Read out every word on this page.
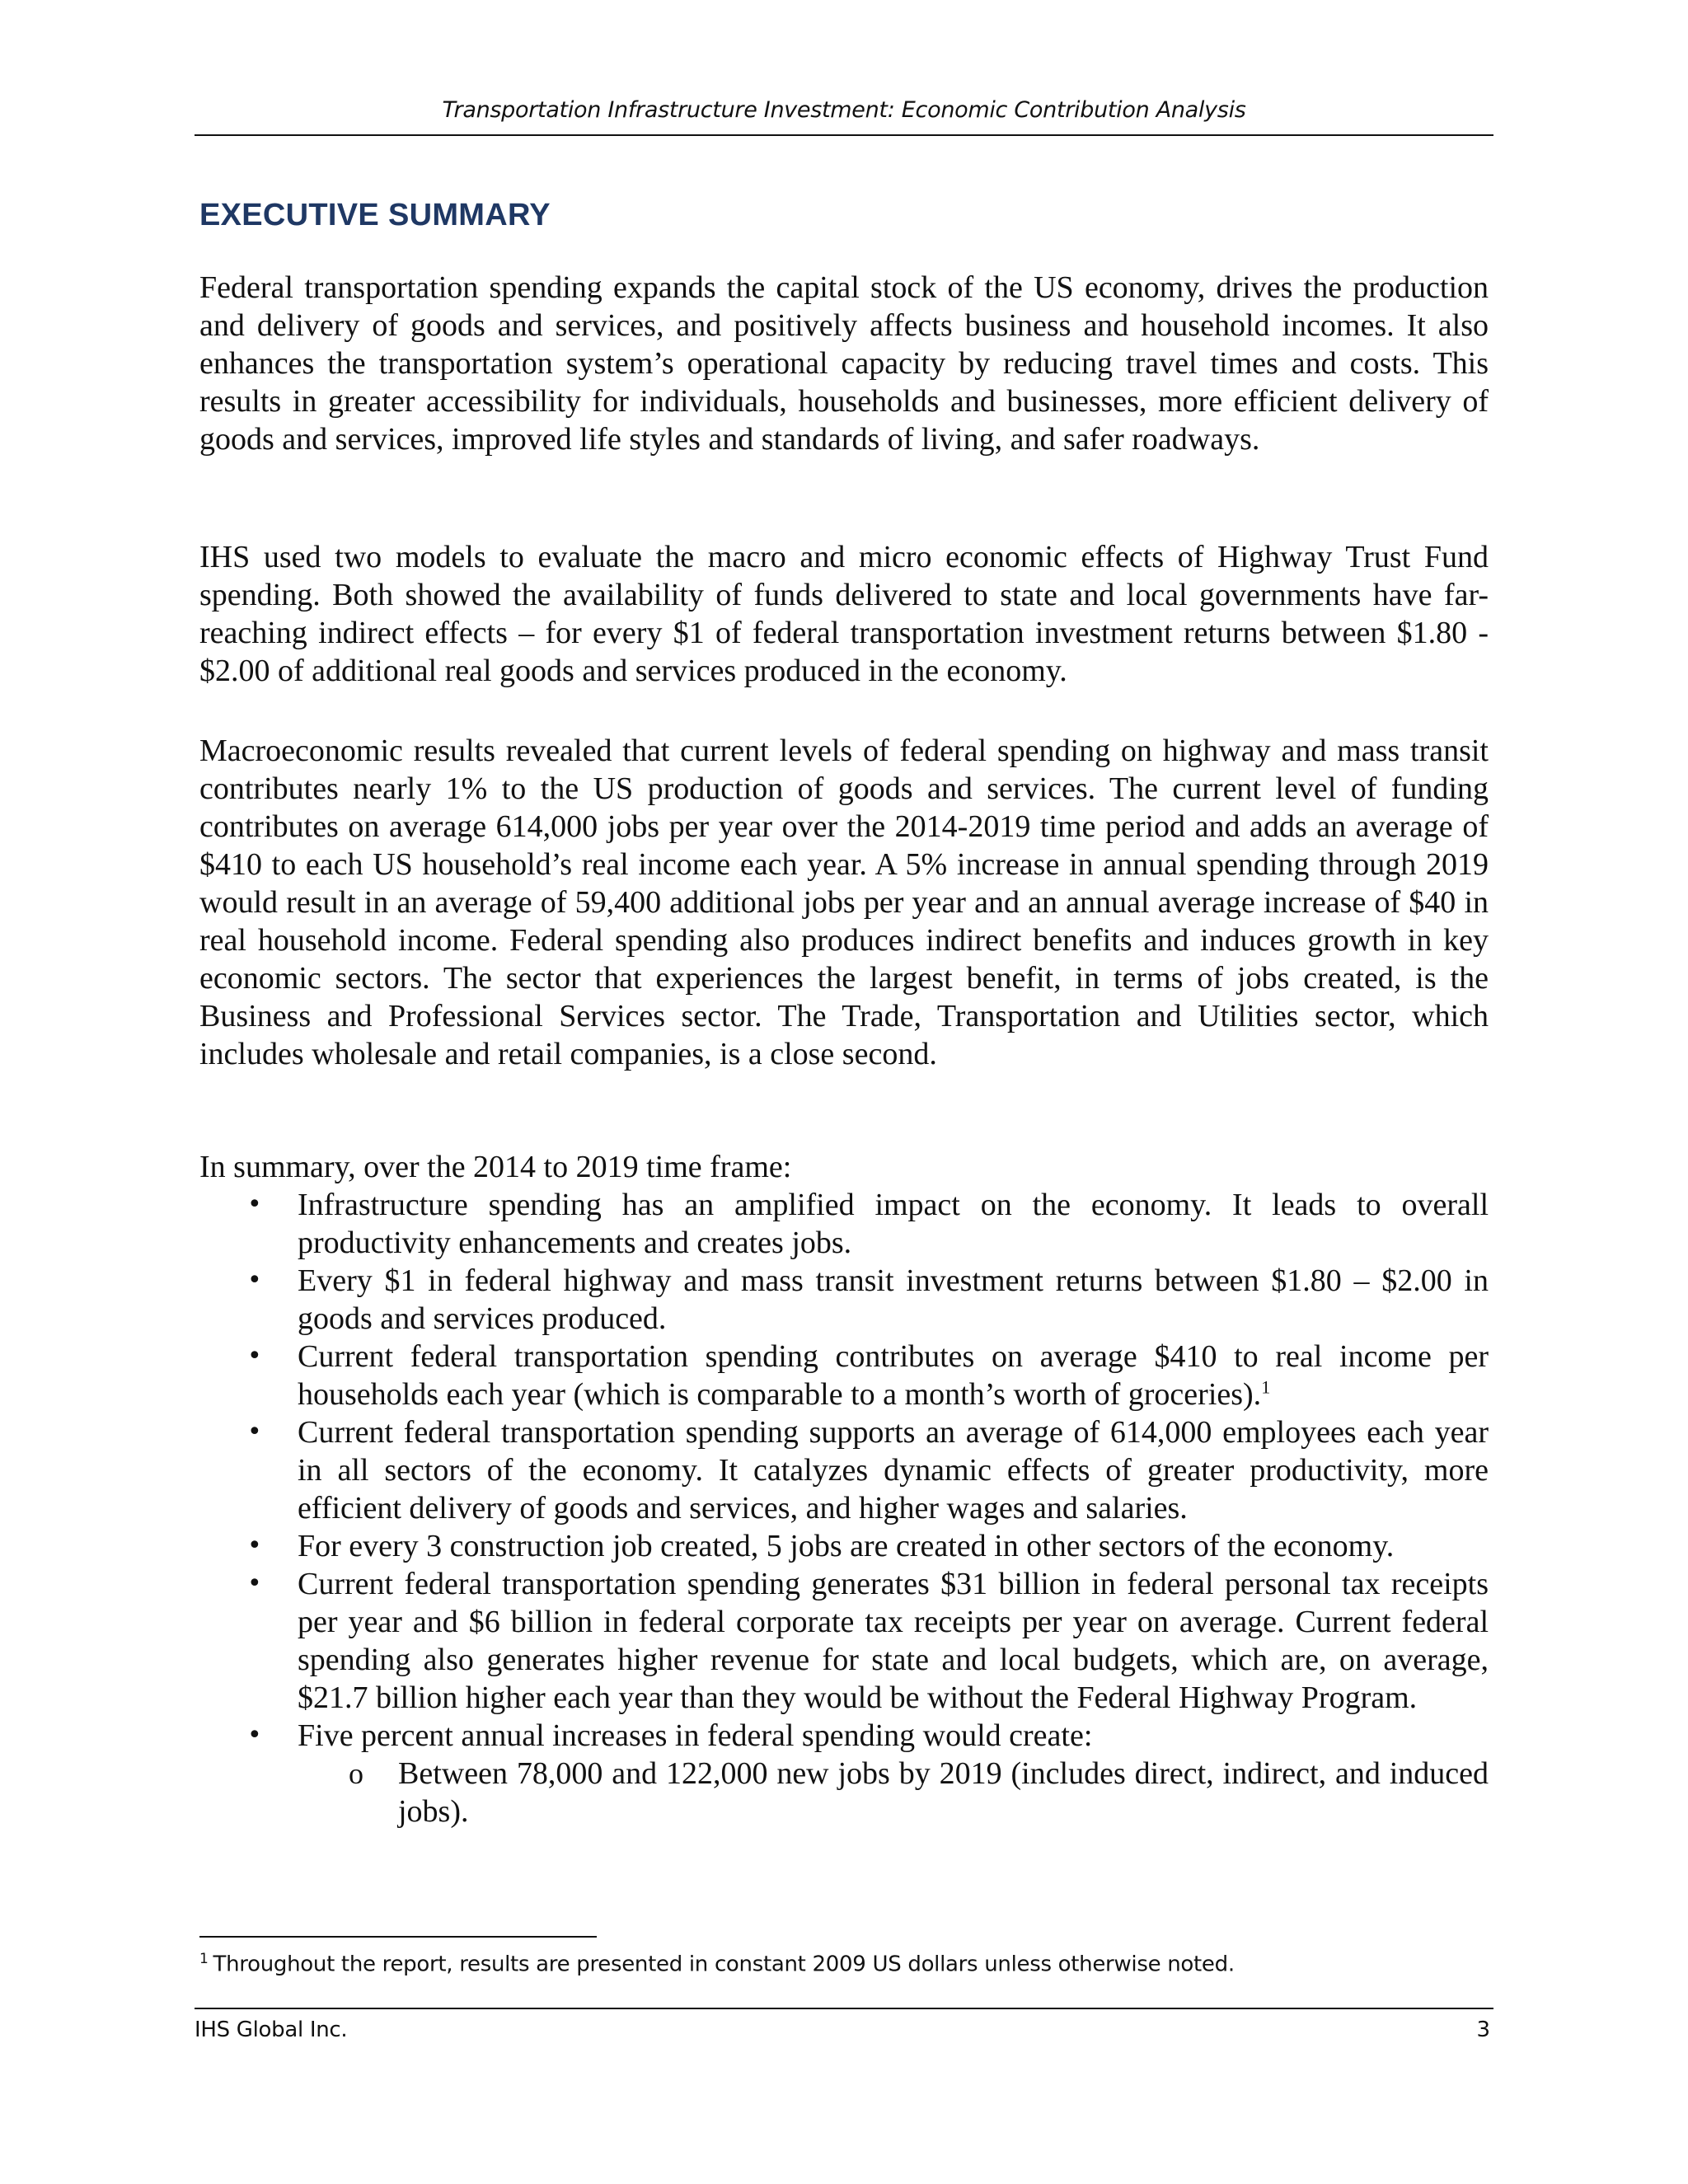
Transportation Infrastructure Investment: Economic Contribution Analysis
EXECUTIVE SUMMARY

Federal transportation spending expands the capital stock of the US economy, drives the production and delivery of goods and services, and positively affects business and household incomes. It also enhances the transportation system’s operational capacity by reducing travel times and costs. This results in greater accessibility for individuals, households and businesses, more efficient delivery of goods and services, improved life styles and standards of living, and safer roadways.

IHS used two models to evaluate the macro and micro economic effects of Highway Trust Fund spending. Both showed the availability of funds delivered to state and local governments have far-reaching indirect effects – for every $1 of federal transportation investment returns between $1.80 - $2.00 of additional real goods and services produced in the economy.

Macroeconomic results revealed that current levels of federal spending on highway and mass transit contributes nearly 1% to the US production of goods and services. The current level of funding contributes on average 614,000 jobs per year over the 2014-2019 time period and adds an average of $410 to each US household’s real income each year. A 5% increase in annual spending through 2019 would result in an average of 59,400 additional jobs per year and an annual average increase of $40 in real household income. Federal spending also produces indirect benefits and induces growth in key economic sectors. The sector that experiences the largest benefit, in terms of jobs created, is the Business and Professional Services sector. The Trade, Transportation and Utilities sector, which includes wholesale and retail companies, is a close second.

In summary, over the 2014 to 2019 time frame:

• Infrastructure spending has an amplified impact on the economy. It leads to overall productivity enhancements and creates jobs.
• Every $1 in federal highway and mass transit investment returns between $1.80 – $2.00 in goods and services produced.
• Current federal transportation spending contributes on average $410 to real income per households each year (which is comparable to a month’s worth of groceries).$^1$
• Current federal transportation spending supports an average of 614,000 employees each year in all sectors of the economy. It catalyzes dynamic effects of greater productivity, more efficient delivery of goods and services, and higher wages and salaries.
• For every 3 construction job created, 5 jobs are created in other sectors of the economy.
• Current federal transportation spending generates $31 billion in federal personal tax receipts per year and $6 billion in federal corporate tax receipts per year on average. Current federal spending also generates higher revenue for state and local budgets, which are, on average, $21.7 billion higher each year than they would be without the Federal Highway Program.
• Five percent annual increases in federal spending would create:
o Between 78,000 and 122,000 new jobs by 2019 (includes direct, indirect, and induced jobs).
$^1$ Throughout the report, results are presented in constant 2009 US dollars unless otherwise noted.
IHS Global Inc.	3
